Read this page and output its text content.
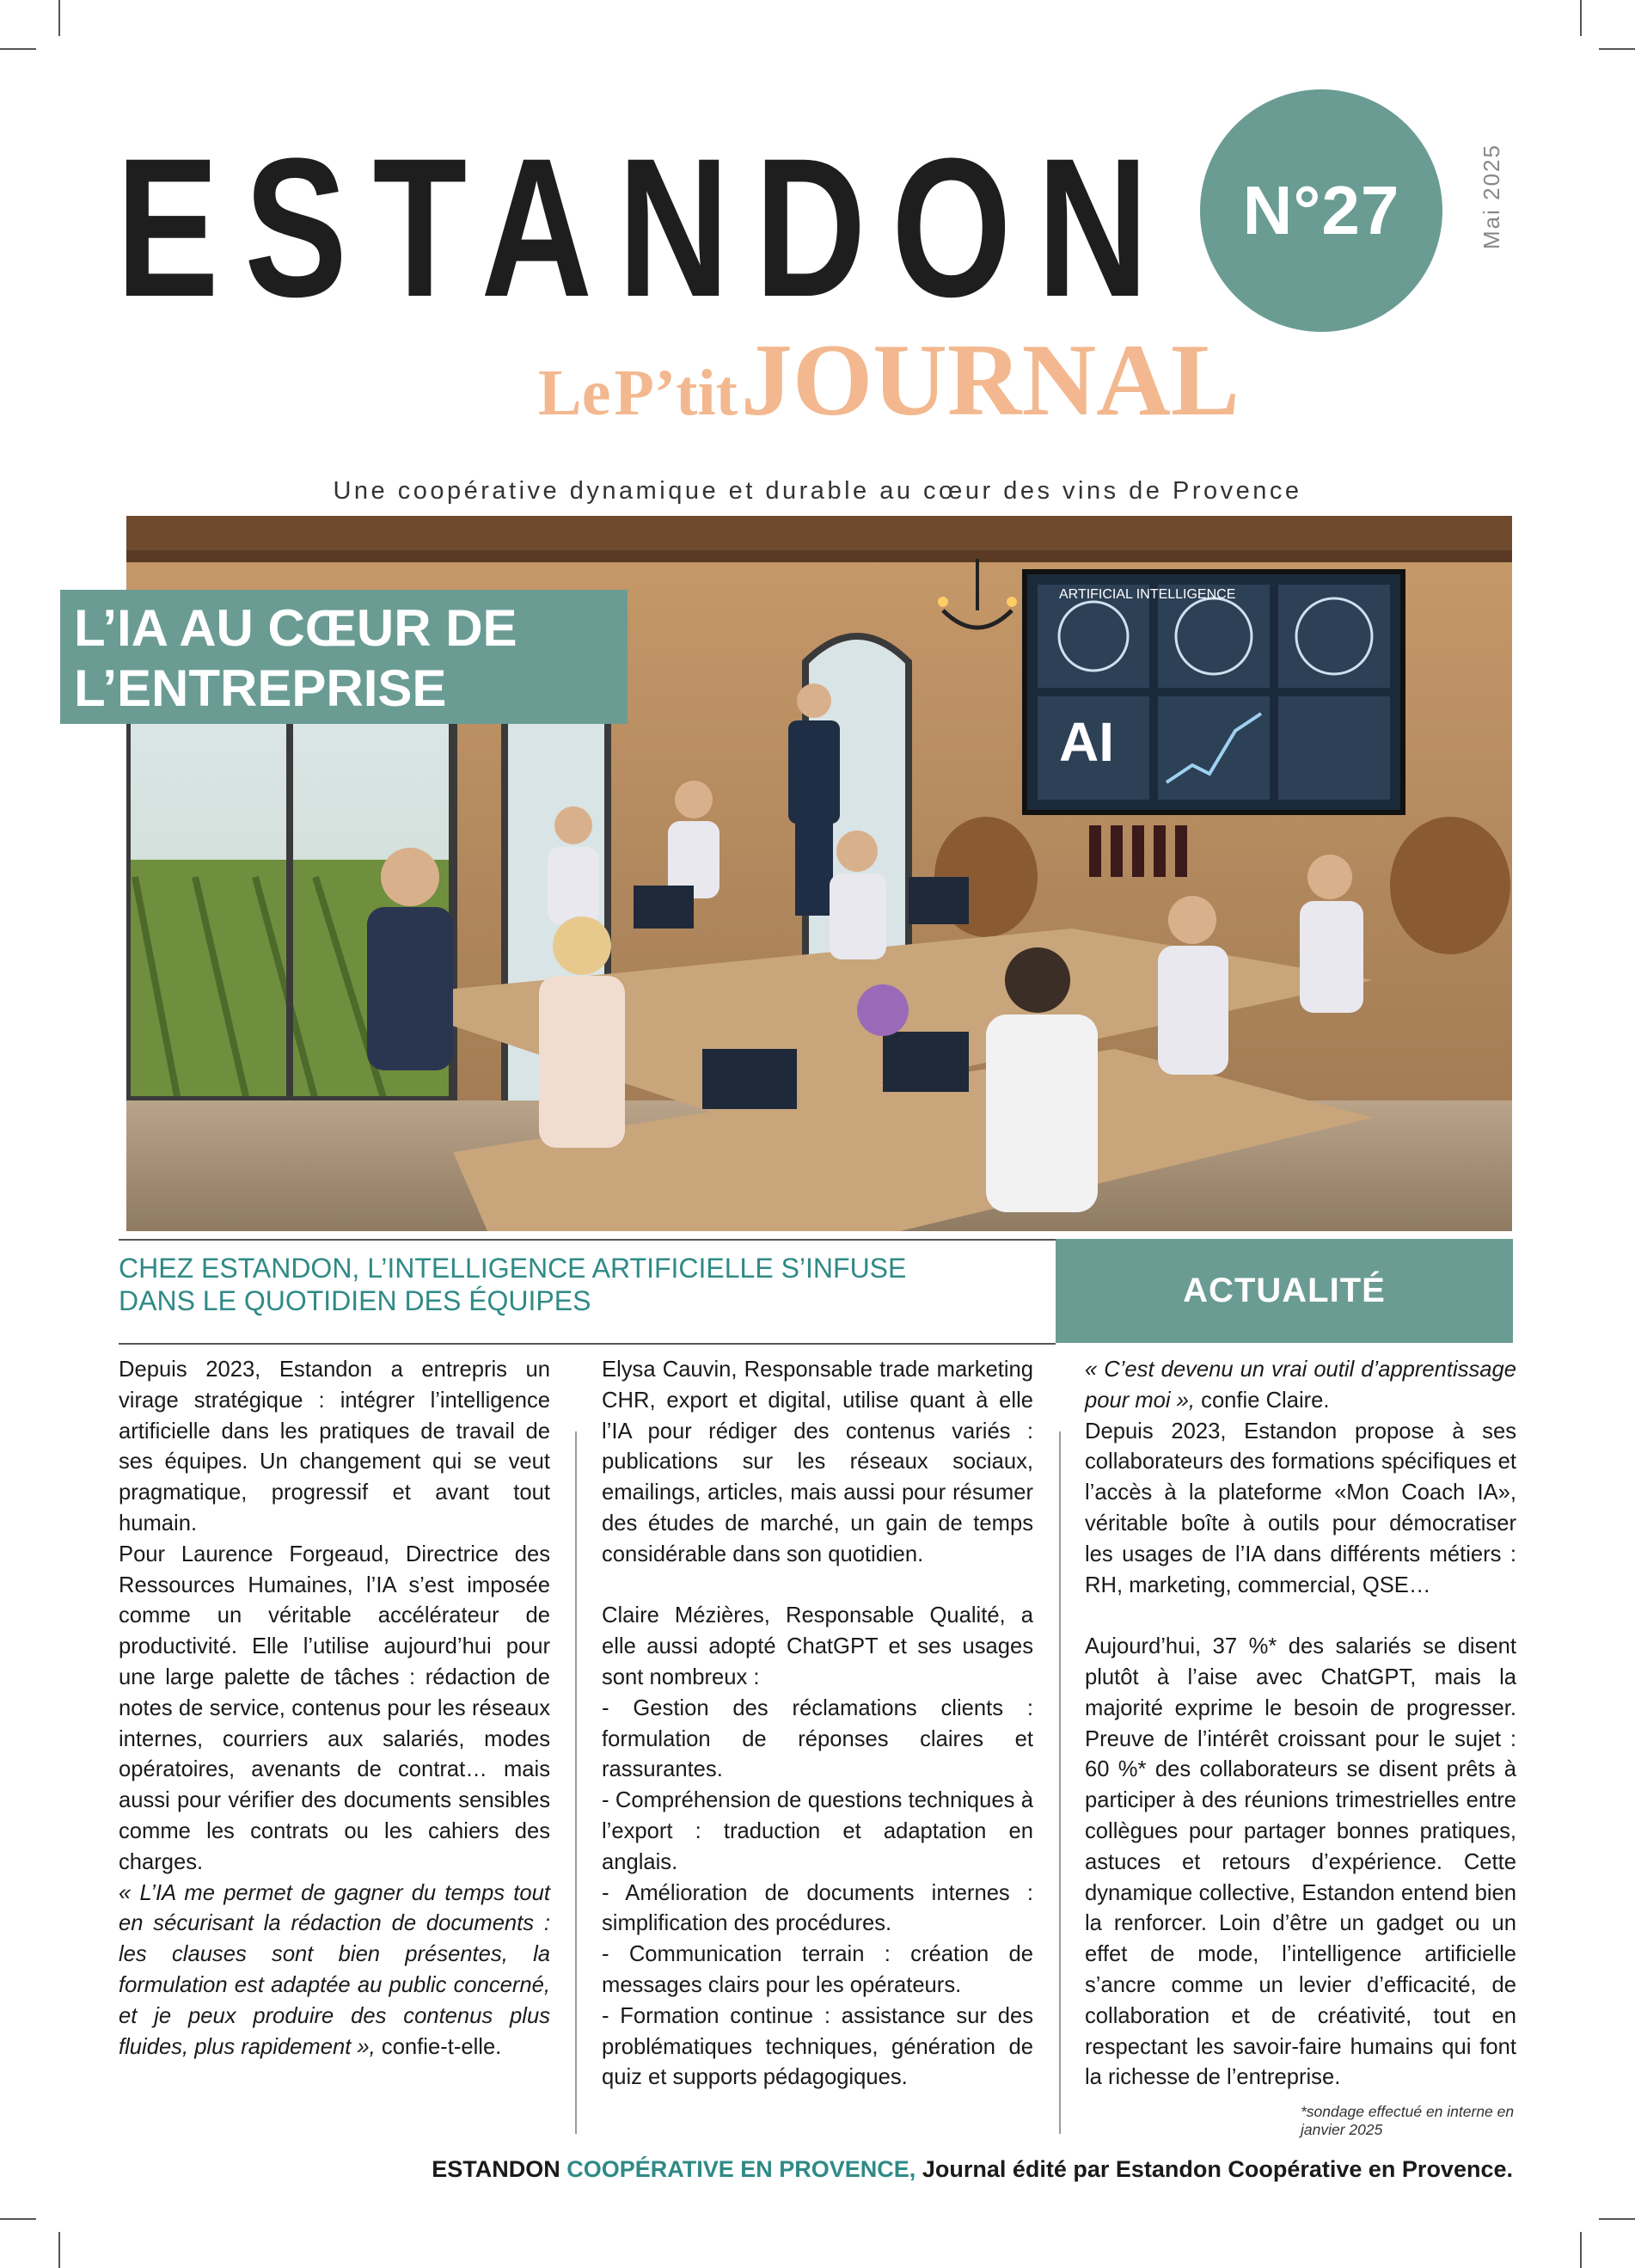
ESTANDON N°27	Mai 2025
Le P’tit JOURNAL
Une coopérative dynamique et durable au cœur des vins de Provence
ARTIFICIAL INTELLIGENCE
AI
L’IA AU CŒUR DE
L’ENTREPRISE
CHEZ ESTANDON, L’INTELLIGENCE ARTIFICIELLE S’INFUSE
DANS LE QUOTIDIEN DES ÉQUIPES	ACTUALITÉ

Depuis 2023, Estandon a entrepris un virage stratégique : intégrer l’intelligence artificielle dans les pratiques de travail de ses équipes. Un changement qui se veut pragmatique, progressif et avant tout humain.

Pour Laurence Forgeaud, Directrice des Ressources Humaines, l’IA s’est imposée comme un véritable accélérateur de productivité. Elle l’utilise aujourd’hui pour une large palette de tâches : rédaction de notes de service, contenus pour les réseaux internes, courriers aux salariés, modes opératoires, avenants de contrat… mais aussi pour vérifier des documents sensibles comme les contrats ou les cahiers des charges.

« L’IA me permet de gagner du temps tout en sécurisant la rédaction de documents : les clauses sont bien présentes, la formulation est adaptée au public concerné, et je peux produire des contenus plus fluides, plus rapidement », confie-t-elle.

Elysa Cauvin, Responsable trade marketing CHR, export et digital, utilise quant à elle l’IA pour rédiger des contenus variés : publications sur les réseaux sociaux, emailings, articles, mais aussi pour résumer des études de marché, un gain de temps considérable dans son quotidien.

Claire Mézières, Responsable Qualité, a elle aussi adopté ChatGPT et ses usages sont nombreux :

- Gestion des réclamations clients : formulation de réponses claires et rassurantes.

- Compréhension de questions techniques à l’export : traduction et adaptation en anglais.

- Amélioration de documents internes : simplification des procédures.

- Communication terrain : création de messages clairs pour les opérateurs.

- Formation continue : assistance sur des problématiques techniques, génération de quiz et supports pédagogiques.

« C’est devenu un vrai outil d’apprentissage pour moi », confie Claire.

Depuis 2023, Estandon propose à ses collaborateurs des formations spécifiques et l’accès à la plateforme «Mon Coach IA», véritable boîte à outils pour démocratiser les usages de l’IA dans différents métiers : RH, marketing, commercial, QSE…

Aujourd’hui, 37 %* des salariés se disent plutôt à l’aise avec ChatGPT, mais la majorité exprime le besoin de progresser. Preuve de l’intérêt croissant pour le sujet : 60 %* des collaborateurs se disent prêts à participer à des réunions trimestrielles entre collègues pour partager bonnes pratiques, astuces et retours d’expérience. Cette dynamique collective, Estandon entend bien la renforcer. Loin d’être un gadget ou un effet de mode, l’intelligence artificielle s’ancre comme un levier d’efficacité, de collaboration et de créativité, tout en respectant les savoir-faire humains qui font la richesse de l’entreprise.

*sondage effectué en interne en janvier 2025
ESTANDON COOPÉRATIVE EN PROVENCE, Journal édité par Estandon Coopérative en Provence.
